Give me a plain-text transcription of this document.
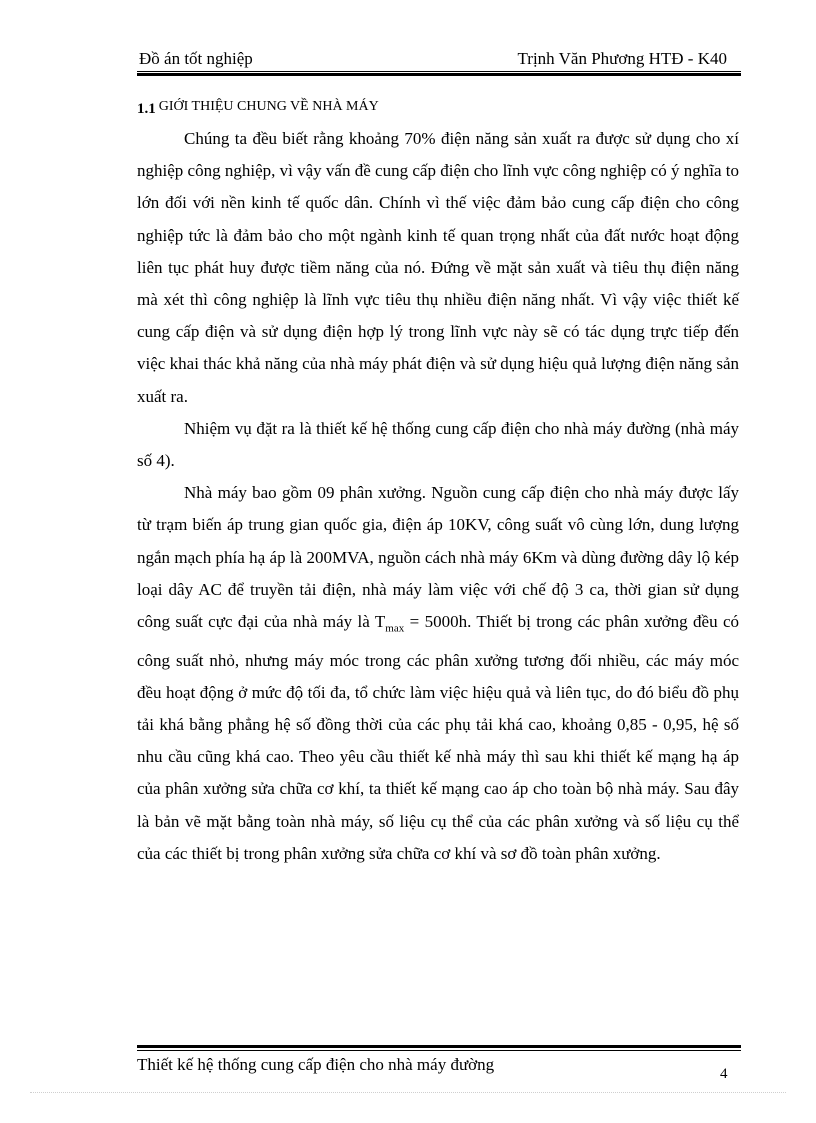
Đồ án tốt nghiệp	Trịnh Văn Phương HTĐ - K40
1.1 GIỚI THIỆU CHUNG VỀ NHÀ MÁY

Chúng ta đều biết rằng khoảng 70% điện năng sản xuất ra được sử dụng cho xí nghiệp công nghiệp, vì vậy vấn đề cung cấp điện cho lĩnh vực công nghiệp có ý nghĩa to lớn đối với nền kinh tế quốc dân. Chính vì thế việc đảm bảo cung cấp điện cho công nghiệp tức là đảm bảo cho một ngành kinh tế quan trọng nhất của đất nước hoạt động liên tục phát huy được tiềm năng của nó. Đứng về mặt sản xuất và tiêu thụ điện năng mà xét thì công nghiệp là lĩnh vực tiêu thụ nhiều điện năng nhất. Vì vậy việc thiết kế cung cấp điện và sử dụng điện hợp lý trong lĩnh vực này sẽ có tác dụng trực tiếp đến việc khai thác khả năng của nhà máy phát điện và sử dụng hiệu quả lượng điện năng sản xuất ra.

Nhiệm vụ đặt ra là thiết kế hệ thống cung cấp điện cho nhà máy đường (nhà máy số 4).

Nhà máy bao gồm 09 phân xưởng. Nguồn cung cấp điện cho nhà máy được lấy từ trạm biến áp trung gian quốc gia, điện áp 10KV, công suất vô cùng lớn, dung lượng ngắn mạch phía hạ áp là 200MVA, nguồn cách nhà máy 6Km và dùng đường dây lộ kép loại dây AC để truyền tải điện, nhà máy làm việc với chế độ 3 ca, thời gian sử dụng công suất cực đại của nhà máy là $T_{max} = 5000h$. Thiết bị trong các phân xưởng đều có công suất nhỏ, nhưng máy móc trong các phân xưởng tương đối nhiều, các máy móc đều hoạt động ở mức độ tối đa, tổ chức làm việc hiệu quả và liên tục, do đó biểu đồ phụ tải khá bằng phẳng hệ số đồng thời của các phụ tải khá cao, khoảng 0,85 - 0,95, hệ số nhu cầu cũng khá cao. Theo yêu cầu thiết kế nhà máy thì sau khi thiết kế mạng hạ áp của phân xưởng sửa chữa cơ khí, ta thiết kế mạng cao áp cho toàn bộ nhà máy. Sau đây là bản vẽ mặt bằng toàn nhà máy, số liệu cụ thể của các phân xưởng và số liệu cụ thể của các thiết bị trong phân xưởng sửa chữa cơ khí và sơ đồ toàn phân xưởng.

Thiết kế hệ thống cung cấp điện cho nhà máy đường	4
